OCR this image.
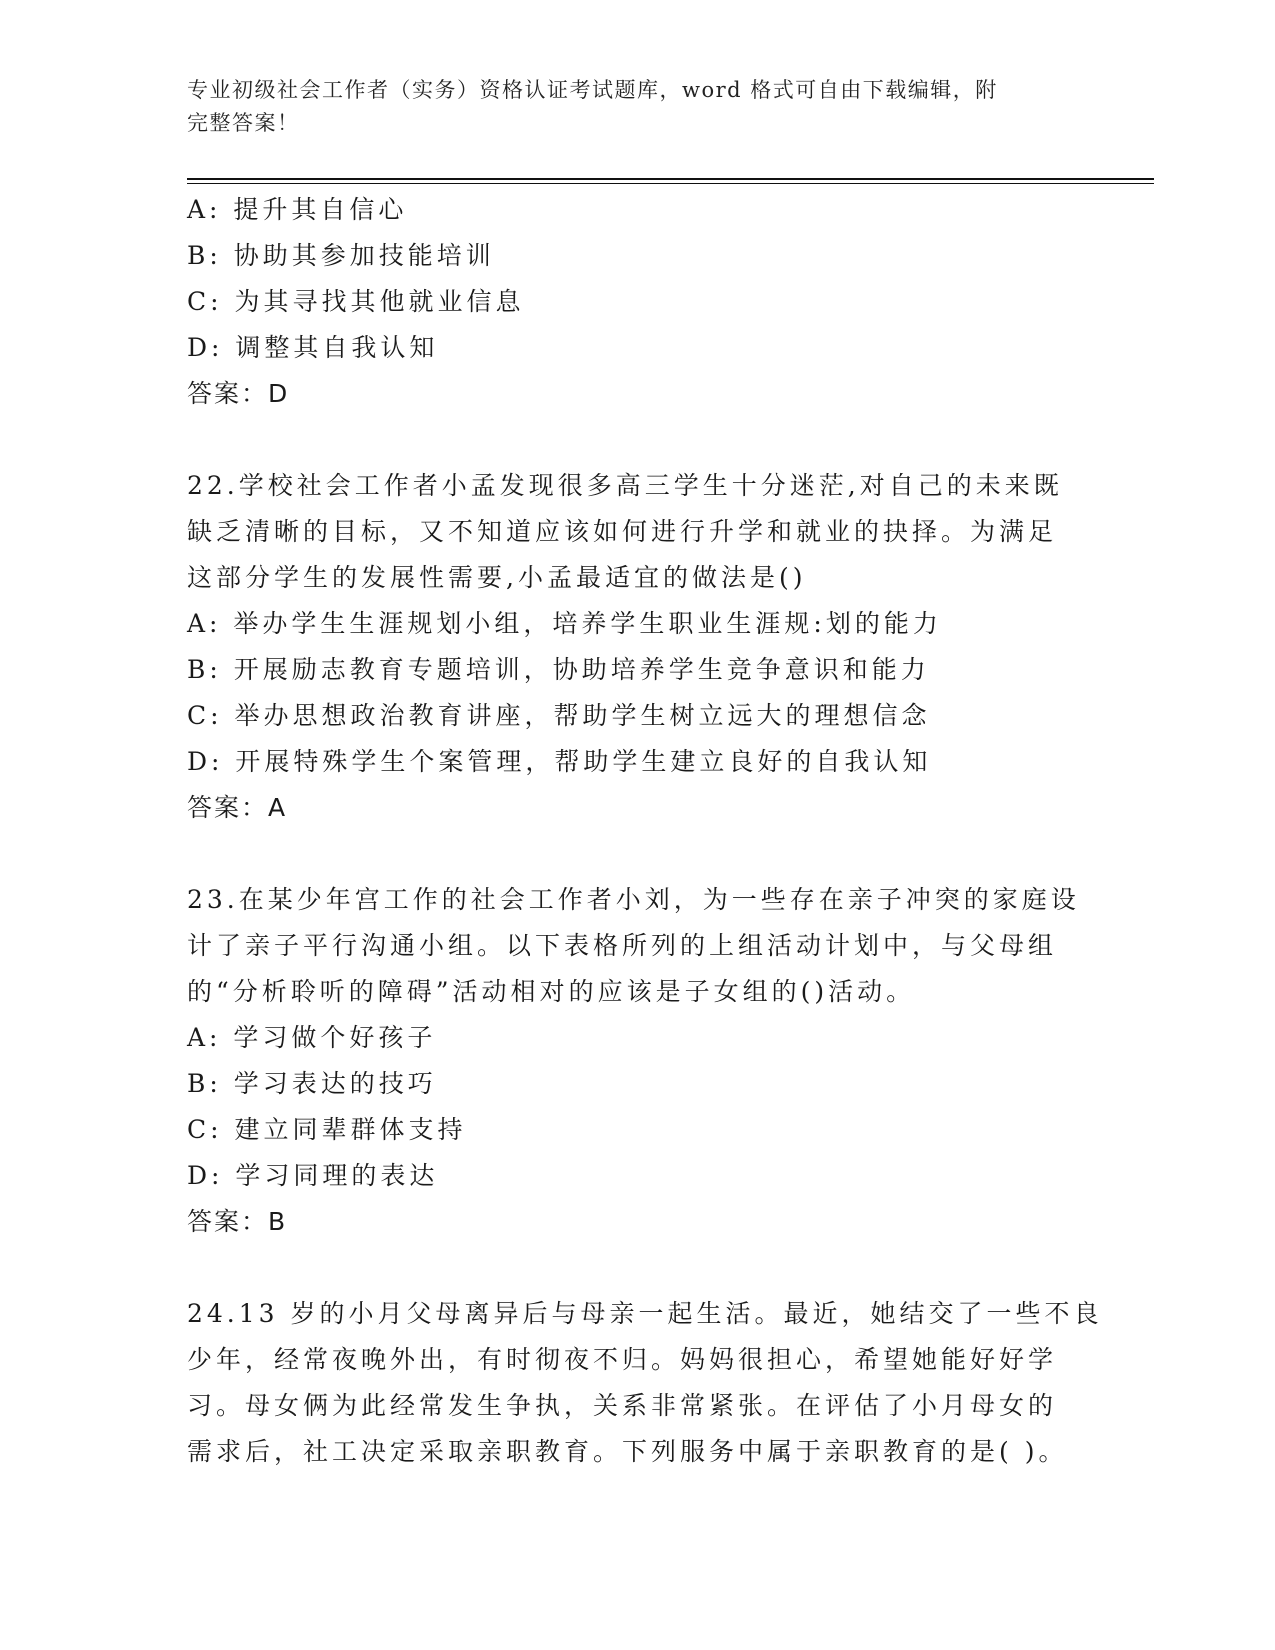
专业初级社会工作者（实务）资格认证考试题库，word 格式可自由下载编辑，附
完整答案！
A: 提升其自信心
B: 协助其参加技能培训
C: 为其寻找其他就业信息
D: 调整其自我认知
答案：D
22.学校社会工作者小孟发现很多高三学生十分迷茫,对自己的未来既
缺乏清晰的目标，又不知道应该如何进行升学和就业的抉择。为满足
这部分学生的发展性需要,小孟最适宜的做法是()
A: 举办学生生涯规划小组，培养学生职业生涯规:划的能力
B: 开展励志教育专题培训，协助培养学生竞争意识和能力
C: 举办思想政治教育讲座，帮助学生树立远大的理想信念
D: 开展特殊学生个案管理，帮助学生建立良好的自我认知
答案：A
23.在某少年宫工作的社会工作者小刘，为一些存在亲子冲突的家庭设
计了亲子平行沟通小组。以下表格所列的上组活动计划中，与父母组
的“分析聆听的障碍”活动相对的应该是子女组的()活动。
A: 学习做个好孩子
B: 学习表达的技巧
C: 建立同辈群体支持
D: 学习同理的表达
答案：B
24.13 岁的小月父母离异后与母亲一起生活。最近，她结交了一些不良
少年，经常夜晚外出，有时彻夜不归。妈妈很担心，希望她能好好学
习。母女俩为此经常发生争执，关系非常紧张。在评估了小月母女的
需求后，社工决定采取亲职教育。下列服务中属于亲职教育的是( )。
